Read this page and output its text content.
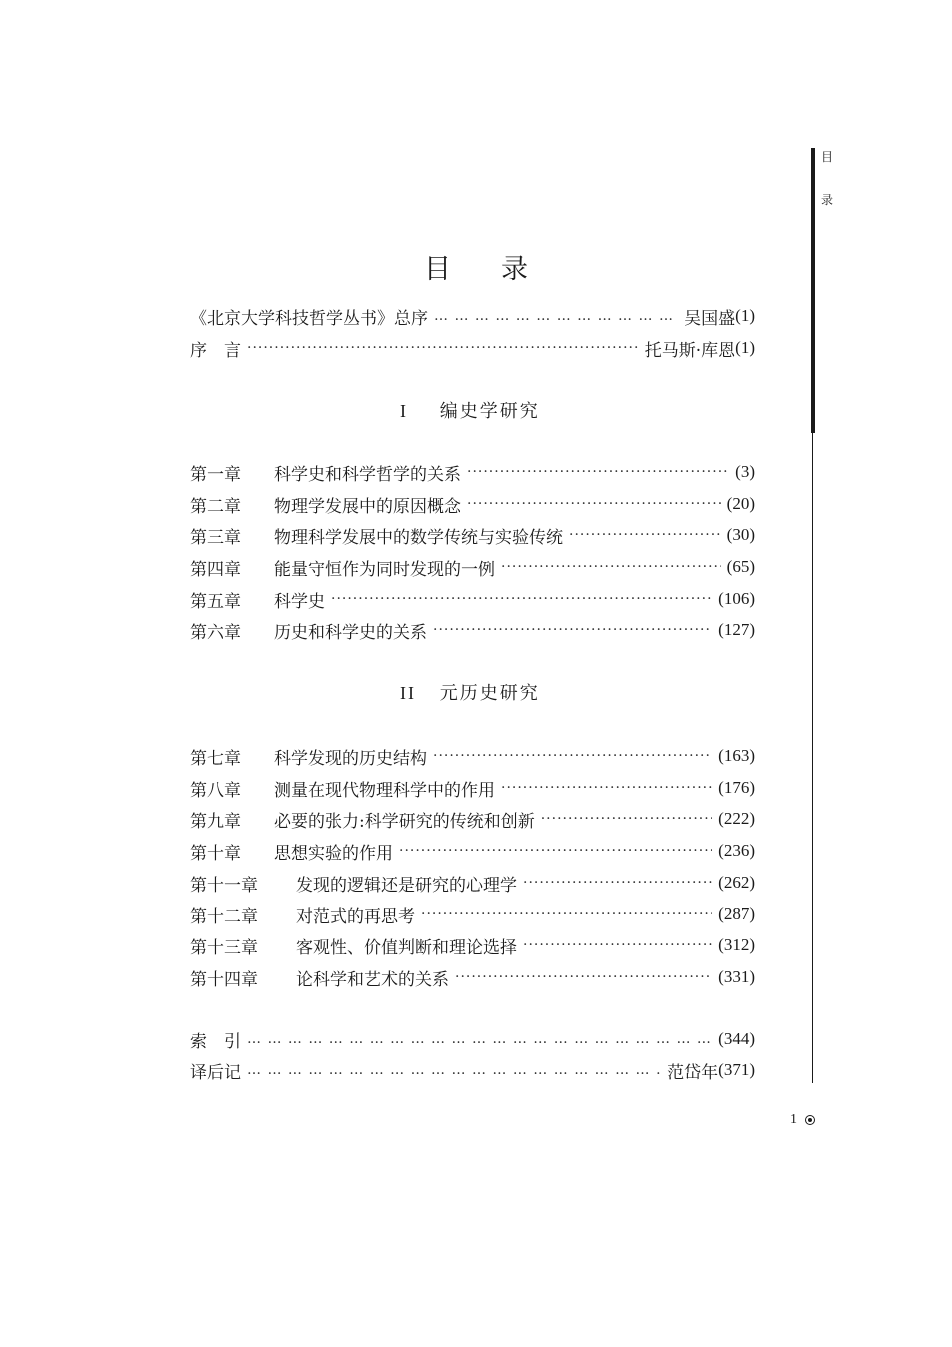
目
录
目录
《北京大学科技哲学丛书》总序 … … … … … … … … … … … … … … … … … … … … … … … … … … … … … … … … … … … … … … … … … … … … … … … … … … … …	吴国盛 (1)
序　言 ·····	托马斯·库恩 (1)
I 编史学研究
第一章	科学史和科学哲学的关系 ·····	(3)
第二章	物理学发展中的原因概念 ·····	(20)
第三章	物理科学发展中的数学传统与实验传统 ·····	(30)
第四章	能量守恒作为同时发现的一例 ·····	(65)
第五章	科学史 ·····	(106)
第六章	历史和科学史的关系 ·····	(127)
II 元历史研究
第七章	科学发现的历史结构 ·····	(163)
第八章	测量在现代物理科学中的作用 ·····	(176)
第九章	必要的张力:科学研究的传统和创新 ·····	(222)
第十章	思想实验的作用 ·····	(236)
第十一章	发现的逻辑还是研究的心理学 ·····	(262)
第十二章	对范式的再思考 ·····	(287)
第十三章	客观性、价值判断和理论选择 ·····	(312)
第十四章	论科学和艺术的关系 ·····	(331)
索　引 … … … … … … … … … … … … … … … … … … … … … … … … … … … … … … … … … … … … … … … … … … … … … … … … … … … …	(344)
译后记 … … … … … … … … … … … … … … … … … … … … … … … … … … … … … … … … … … … … … … … … … … … … … … … … … … … …	范岱年 (371)
1
